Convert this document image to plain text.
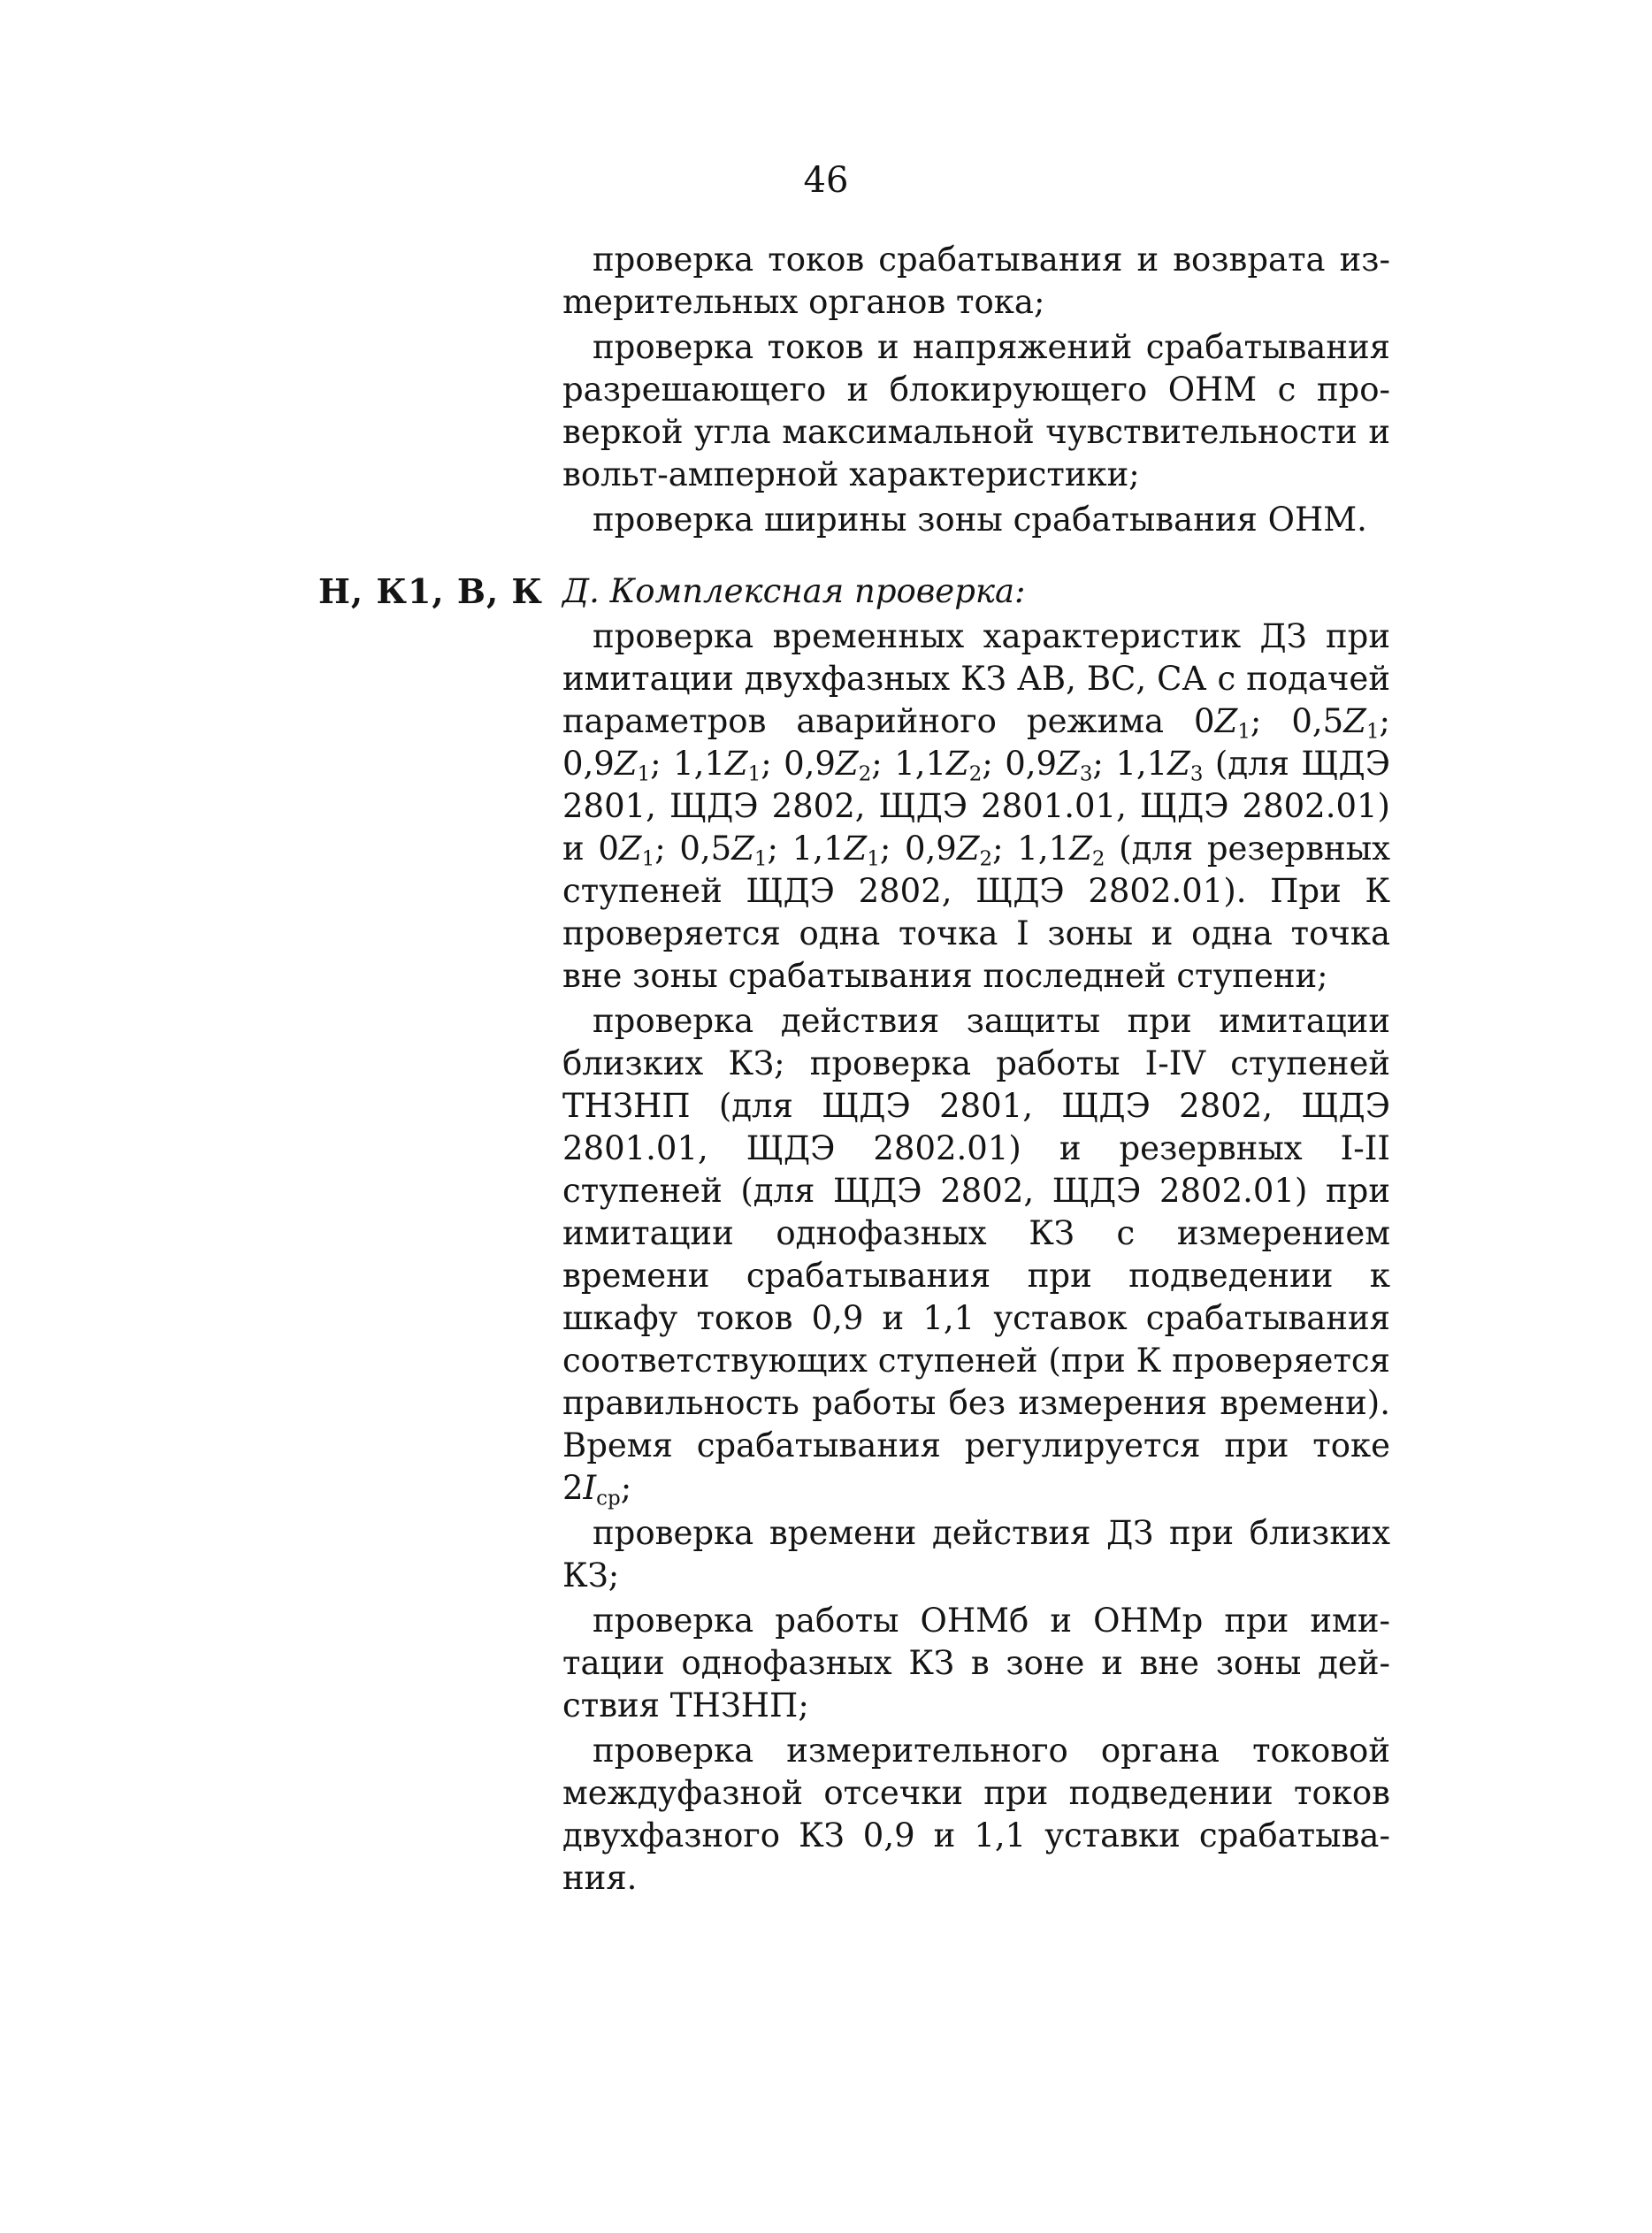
46

проверка токов срабатывания и возврата изmерительных органов тока;

проверка токов и напряжений срабатывания разрешающего и блокирующего ОНМ с проверкой угла максимальной чувствительности и вольт-амперной характеристики;

проверка ширины зоны срабатывания ОНМ.

Н, К1, В, К Д. Комплексная проверка:

проверка временных характеристик ДЗ при имитации двухфазных КЗ АВ, ВС, СА с подачей параметров аварийного режима $0Z_1$; $0,5Z_1$; $0,9Z_1$; $1,1Z_1$; $0,9Z_2$; $1,1Z_2$; $0,9Z_3$; $1,1Z_3$ (для ЩДЭ 2801, ЩДЭ 2802, ЩДЭ 2801.01, ЩДЭ 2802.01) и $0Z_1$; $0,5Z_1$; $1,1Z_1$; $0,9Z_2$; $1,1Z_2$ (для резервных ступеней ЩДЭ 2802, ЩДЭ 2802.01). При К проверяется одна точка I зоны и одна точка вне зоны срабатывания последней ступени;

проверка действия защиты при имитации близких КЗ; проверка работы I-IV ступеней ТНЗНП (для ЩДЭ 2801, ЩДЭ 2802, ЩДЭ 2801.01, ЩДЭ 2802.01) и резервных I-II ступеней (для ЩДЭ 2802, ЩДЭ 2802.01) при имитации однофазных КЗ с измерением времени срабатывания при подведении к шкафу токов 0,9 и 1,1 уставок срабатывания соответствующих ступеней (при К проверяется правильность работы без измерения времени). Время срабатывания регулируется при токе $2I_{ср}$;

проверка времени действия ДЗ при близких КЗ;

проверка работы ОНМб и ОНМр при имитации однофазных КЗ в зоне и вне зоны действия ТНЗНП;

проверка измерительного органа токовой междуфазной отсечки при подведении токов двухфазного КЗ 0,9 и 1,1 уставки срабатывания.
